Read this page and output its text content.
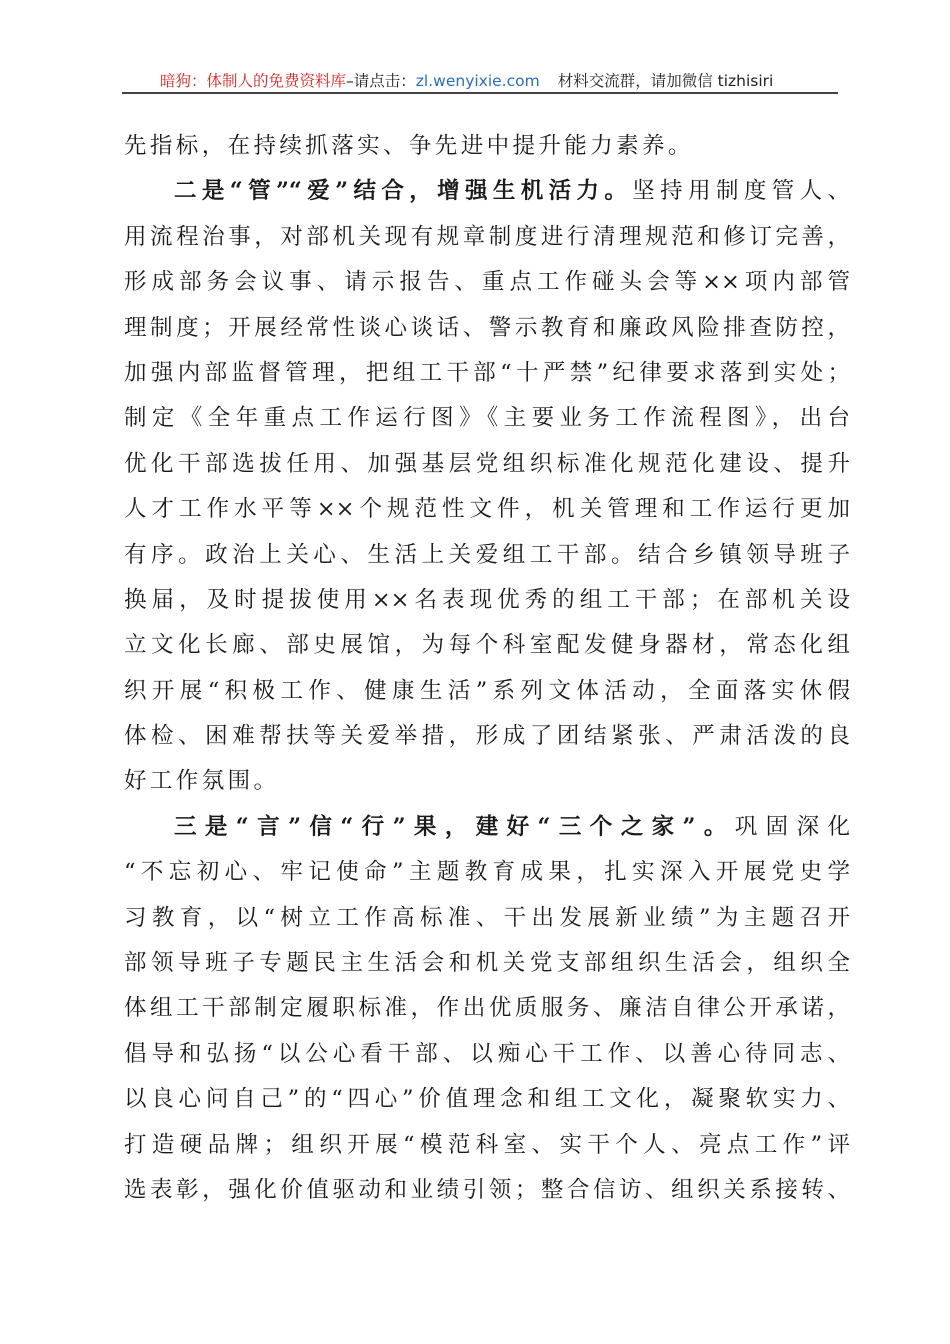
暗狗：体制人的免费资料库–请点击：zl.wenyixie.com 材料交流群，请加微信 tizhisiri
先指标，在持续抓落实、争先进中提升能力素养。
二是“管”“爱”结合，增强生机活力。坚持用制度管人、
用流程治事，对部机关现有规章制度进行清理规范和修订完善，
形成部务会议事、请示报告、重点工作碰头会等××项内部管
理制度；开展经常性谈心谈话、警示教育和廉政风险排查防控，
加强内部监督管理，把组工干部“十严禁”纪律要求落到实处；
制定《全年重点工作运行图》《主要业务工作流程图》，出台
优化干部选拔任用、加强基层党组织标准化规范化建设、提升
人才工作水平等××个规范性文件，机关管理和工作运行更加
有序。政治上关心、生活上关爱组工干部。结合乡镇领导班子
换届，及时提拔使用××名表现优秀的组工干部；在部机关设
立文化长廊、部史展馆，为每个科室配发健身器材，常态化组
织开展“积极工作、健康生活”系列文体活动，全面落实休假
体检、困难帮扶等关爱举措，形成了团结紧张、严肃活泼的良
好工作氛围。
三是“言”信“行”果，建好“三个之家”。巩固深化
“不忘初心、牢记使命”主题教育成果，扎实深入开展党史学
习教育，以“树立工作高标准、干出发展新业绩”为主题召开
部领导班子专题民主生活会和机关党支部组织生活会，组织全
体组工干部制定履职标准，作出优质服务、廉洁自律公开承诺，
倡导和弘扬“以公心看干部、以痴心干工作、以善心待同志、
以良心问自己”的“四心”价值理念和组工文化，凝聚软实力、
打造硬品牌；组织开展“模范科室、实干个人、亮点工作”评
选表彰，强化价值驱动和业绩引领；整合信访、组织关系接转、
